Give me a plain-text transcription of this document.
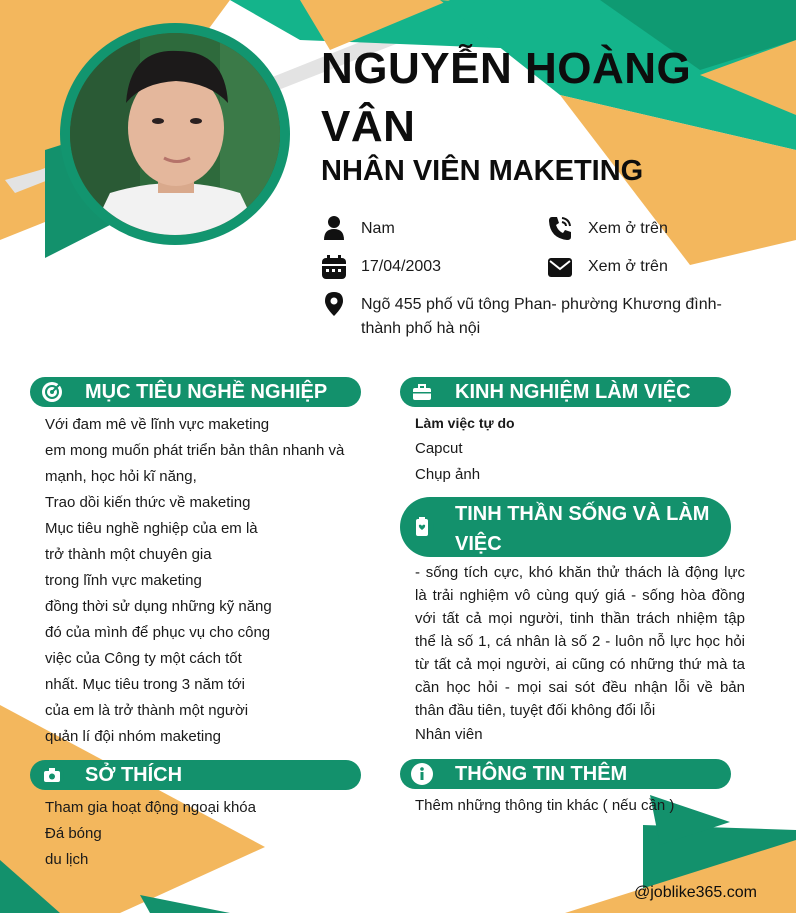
NGUYỄN HOÀNG VÂN
NHÂN VIÊN MAKETING
Nam	Xem ở trên
17/04/2003	Xem ở trên
Ngõ 455 phố vũ tông Phan- phường Khương đình- thành phố hà nội
MỤC TIÊU NGHỀ NGHIỆP
Với đam mê về lĩnh vực maketing
em mong muốn phát triển bản thân nhanh và
mạnh, học hỏi kĩ năng,
Trao dồi kiến thức về maketing
Mục tiêu nghề nghiệp của em là
trở thành một chuyên gia
trong lĩnh vực maketing
đồng thời sử dụng những kỹ năng
đó của mình để phục vụ cho công
việc của Công ty một cách tốt
nhất. Mục tiêu trong 3 năm tới
của em là trở thành một người
quản lí đội nhóm maketing
SỞ THÍCH
Tham gia hoạt động ngoại khóa
Đá bóng
du lịch
KINH NGHIỆM LÀM VIỆC
Làm việc tự do
Capcut
Chụp ảnh
TINH THẦN SỐNG VÀ LÀM VIỆC

- sống tích cực, khó khăn thử thách là động lực là trải nghiệm vô cùng quý giá - sống hòa đồng với tất cả mọi người, tinh thần trách nhiệm tập thể là số 1, cá nhân là số 2 - luôn nỗ lực học hỏi từ tất cả mọi người, ai cũng có những thứ mà ta cần học hỏi - mọi sai sót đều nhận lỗi về bản thân đầu tiên, tuyệt đối không đổi lỗi

Nhân viên
THÔNG TIN THÊM
Thêm những thông tin khác ( nếu cần )
@joblike365.com
